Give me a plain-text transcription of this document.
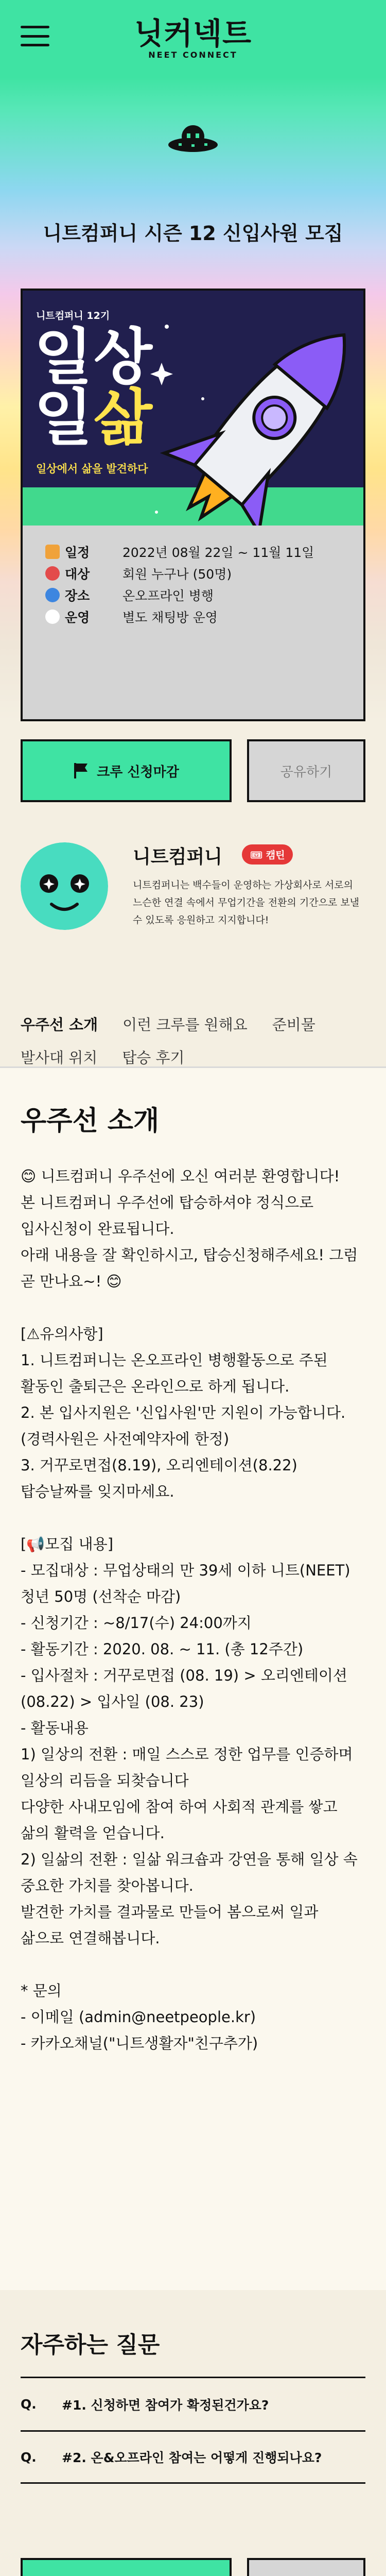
닛커넥트
NEET CONNECT
니트컴퍼니 시즌 12 신입사원 모집
니트컴퍼니 12기
일상
일삶
일상에서 삶을 발견하다
일정	2022년 08월 22일 ~ 11월 11일
대상	회원 누구나 (50명)
장소	온오프라인 병행
운영	별도 채팅방 운영
크루 신청마감	공유하기
니트컴퍼니	🎟 캠틴
니트컴퍼니는 백수들이 운영하는 가상회사로 서로의 느슨한 연결 속에서 무업기간을 전환의 기간으로 보낼 수 있도록 응원하고 지지합니다!
우주선 소개 이런 크루를 원해요 준비물
발사대 위치 탑승 후기
우주선 소개
😊 니트컴퍼니 우주선에 오신 여러분 환영합니다!
본 니트컴퍼니 우주선에 탑승하셔야 정식으로 입사신청이 완료됩니다.
아래 내용을 잘 확인하시고, 탑승신청해주세요! 그럼 곧 만나요~! 😊

[⚠유의사항]
1. 니트컴퍼니는 온오프라인 병행활동으로 주된 활동인 출퇴근은 온라인으로 하게 됩니다.
2. 본 입사지원은 '신입사원'만 지원이 가능합니다. (경력사원은 사전예약자에 한정)
3. 거꾸로면접(8.19), 오리엔테이션(8.22) 탑승날짜를 잊지마세요.

[📢모집 내용]
- 모집대상 : 무업상태의 만 39세 이하 니트(NEET)청년 50명 (선착순 마감)
- 신청기간 : ~8/17(수) 24:00까지
- 활동기간 : 2020. 08. ~ 11. (총 12주간)
- 입사절차 : 거꾸로면접 (08. 19) > 오리엔테이션 (08.22) > 입사일 (08. 23)
- 활동내용
1) 일상의 전환 : 매일 스스로 정한 업무를 인증하며 일상의 리듬을 되찾습니다
다양한 사내모임에 참여 하여 사회적 관계를 쌓고 삶의 활력을 얻습니다.
2) 일삶의 전환 : 일삶 워크숍과 강연을 통해 일상 속 중요한 가치를 찾아봅니다.
발견한 가치를 결과물로 만들어 봄으로써 일과 삶으로 연결해봅니다.

* 문의
- 이메일 (admin@neetpeople.kr)
- 카카오채널("니트생활자"친구추가)
자주하는 질문
Q.	#1. 신청하면 참여가 확정된건가요?
Q.	#2. 온&오프라인 참여는 어떻게 진행되나요?
